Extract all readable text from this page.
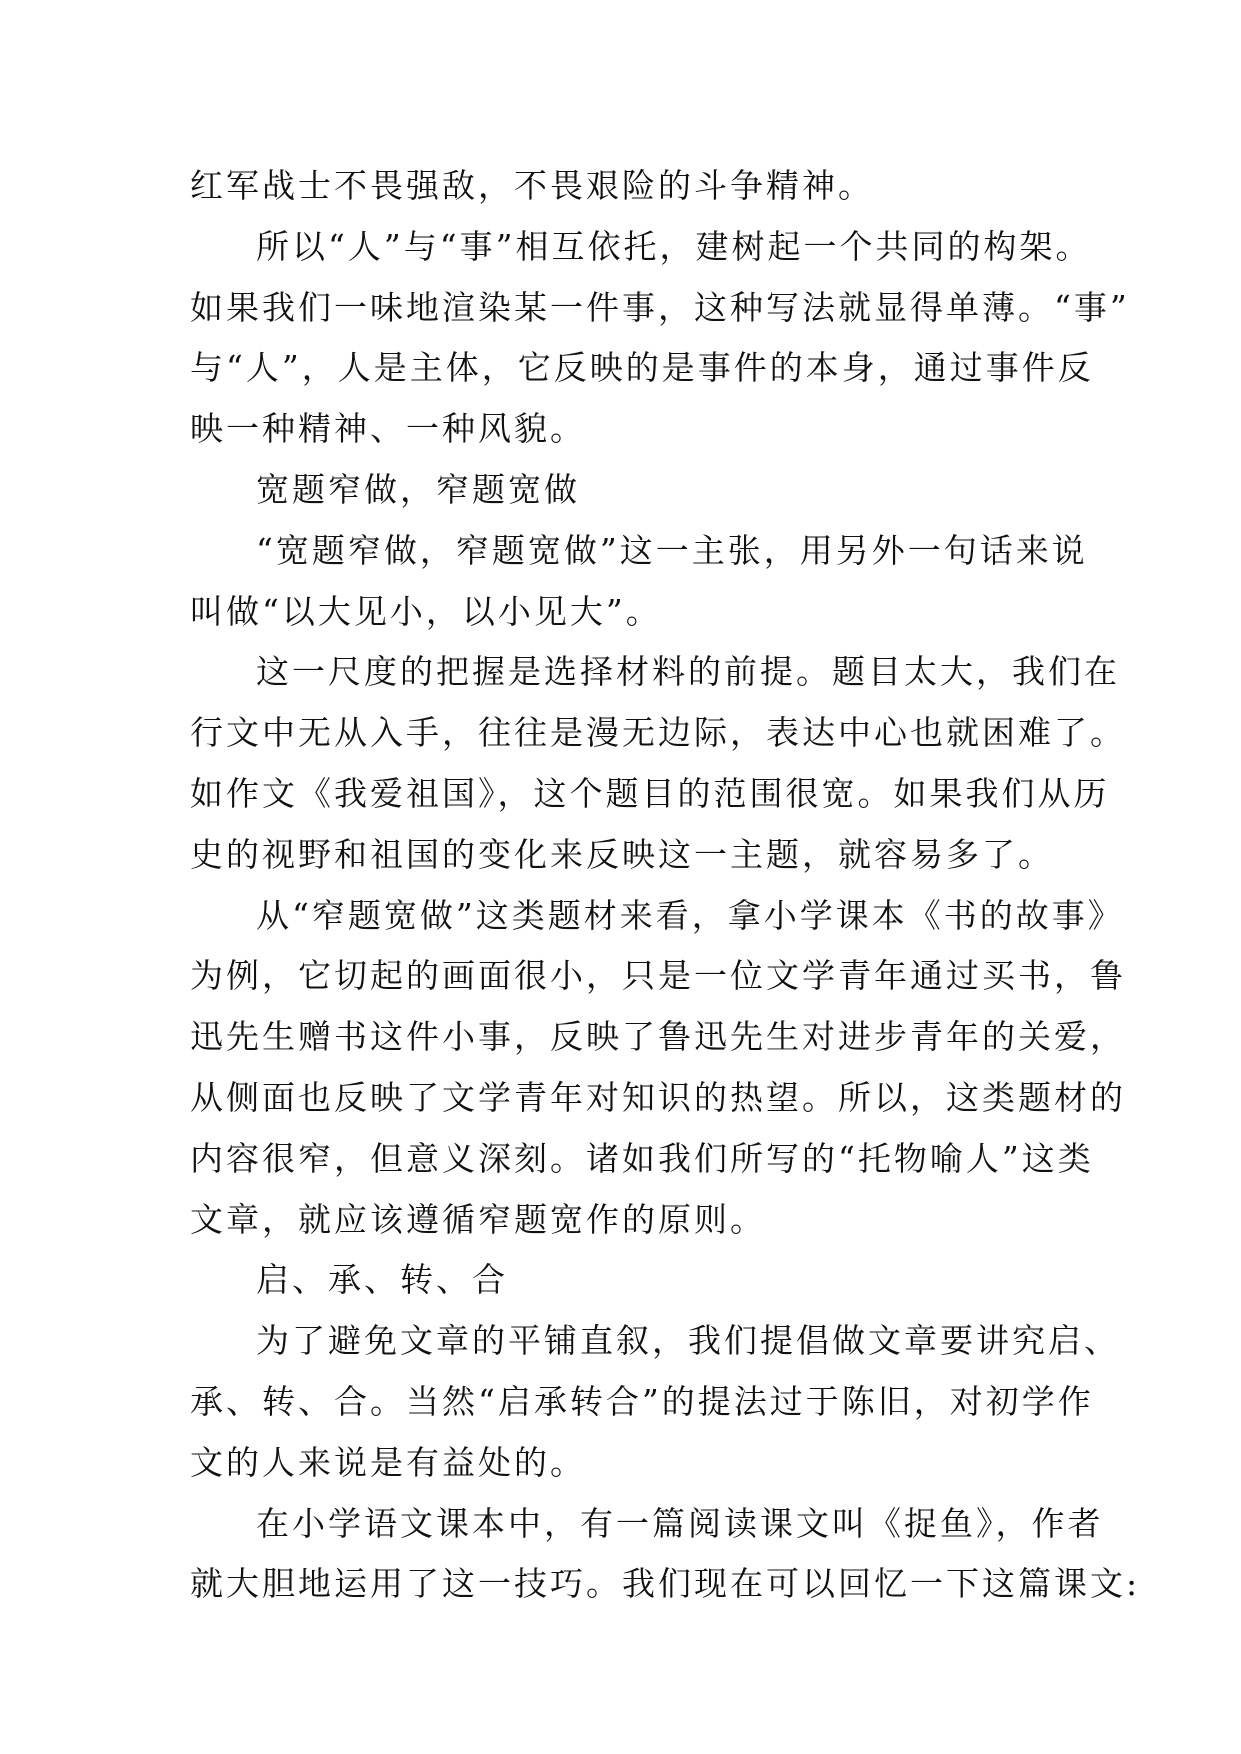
红军战士不畏强敌，不畏艰险的斗争精神。
所以“人”与“事”相互依托，建树起一个共同的构架。
如果我们一味地渲染某一件事，这种写法就显得单薄。“事”
与“人”，人是主体，它反映的是事件的本身，通过事件反
映一种精神、一种风貌。
宽题窄做，窄题宽做
“宽题窄做，窄题宽做”这一主张，用另外一句话来说
叫做“以大见小，以小见大”。
这一尺度的把握是选择材料的前提。题目太大，我们在
行文中无从入手，往往是漫无边际，表达中心也就困难了。
如作文《我爱祖国》，这个题目的范围很宽。如果我们从历
史的视野和祖国的变化来反映这一主题，就容易多了。
从“窄题宽做”这类题材来看，拿小学课本《书的故事》
为例，它切起的画面很小，只是一位文学青年通过买书，鲁
迅先生赠书这件小事，反映了鲁迅先生对进步青年的关爱，
从侧面也反映了文学青年对知识的热望。所以，这类题材的
内容很窄，但意义深刻。诸如我们所写的“托物喻人”这类
文章，就应该遵循窄题宽作的原则。
启、承、转、合
为了避免文章的平铺直叙，我们提倡做文章要讲究启、
承、转、合。当然“启承转合”的提法过于陈旧，对初学作
文的人来说是有益处的。
在小学语文课本中，有一篇阅读课文叫《捉鱼》，作者
就大胆地运用了这一技巧。我们现在可以回忆一下这篇课文:
